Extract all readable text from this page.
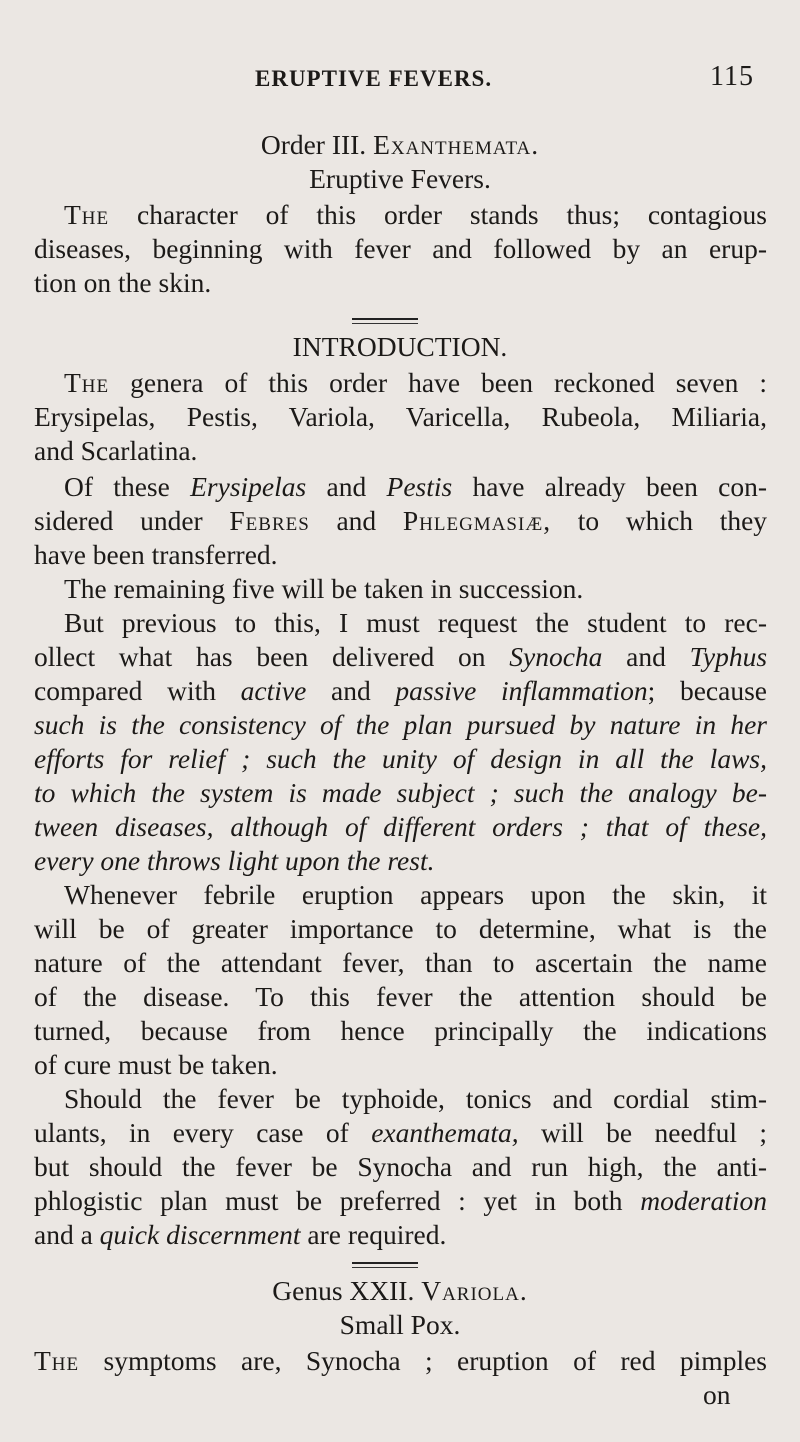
ERUPTIVE FEVERS.	115
Order III. Exanthemata.
Eruptive Fevers.
The character of this order stands thus; contagious
diseases, beginning with fever and followed by an erup-
tion on the skin.
INTRODUCTION.
The genera of this order have been reckoned seven :
Erysipelas, Pestis, Variola, Varicella, Rubeola, Miliaria,
and Scarlatina.
Of these Erysipelas and Pestis have already been con-
sidered under Febres and Phlegmasiæ, to which they
have been transferred.
The remaining five will be taken in succession.
But previous to this, I must request the student to rec-
ollect what has been delivered on Synocha and Typhus
compared with active and passive inflammation; because
such is the consistency of the plan pursued by nature in her
efforts for relief ; such the unity of design in all the laws,
to which the system is made subject ; such the analogy be-
tween diseases, although of different orders ; that of these,
every one throws light upon the rest.
Whenever febrile eruption appears upon the skin, it
will be of greater importance to determine, what is the
nature of the attendant fever, than to ascertain the name
of the disease. To this fever the attention should be
turned, because from hence principally the indications
of cure must be taken.
Should the fever be typhoide, tonics and cordial stim-
ulants, in every case of exanthemata, will be needful ;
but should the fever be Synocha and run high, the anti-
phlogistic plan must be preferred : yet in both moderation
and a quick discernment are required.
Genus XXII. Variola.
Small Pox.
The symptoms are, Synocha ; eruption of red pimples
on
